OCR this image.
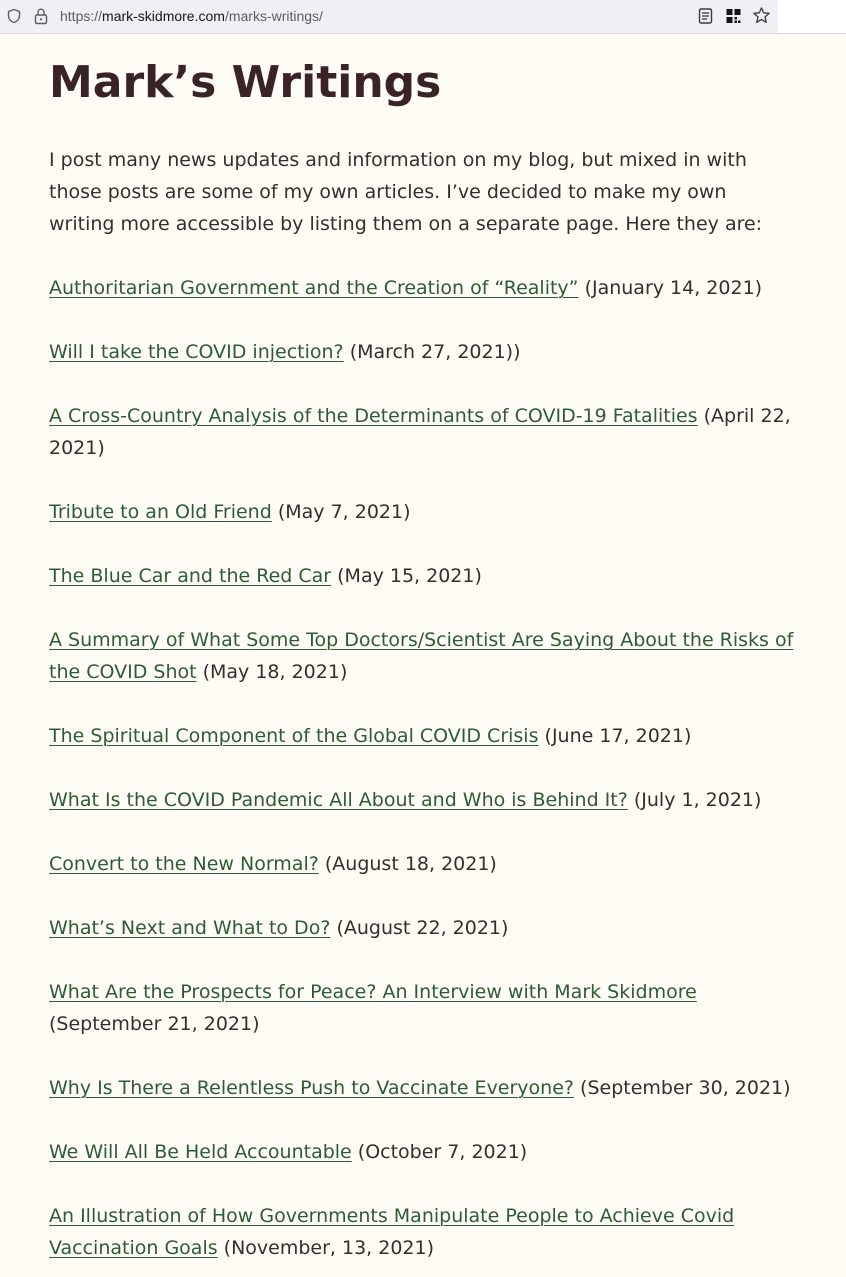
https://mark-skidmore.com/marks-writings/
Mark’s Writings

I post many news updates and information on my blog, but mixed in with those posts are some of my own articles. I’ve decided to make my own writing more accessible by listing them on a separate page. Here they are:

Authoritarian Government and the Creation of “Reality” (January 14, 2021)
Will I take the COVID injection? (March 27, 2021))
A Cross-Country Analysis of the Determinants of COVID-19 Fatalities (April 22, 2021)
Tribute to an Old Friend (May 7, 2021)
The Blue Car and the Red Car (May 15, 2021)
A Summary of What Some Top Doctors/Scientist Are Saying About the Risks of the COVID Shot (May 18, 2021)
The Spiritual Component of the Global COVID Crisis (June 17, 2021)
What Is the COVID Pandemic All About and Who is Behind It? (July 1, 2021)
Convert to the New Normal? (August 18, 2021)
What’s Next and What to Do? (August 22, 2021)
What Are the Prospects for Peace? An Interview with Mark Skidmore (September 21, 2021)
Why Is There a Relentless Push to Vaccinate Everyone? (September 30, 2021)
We Will All Be Held Accountable (October 7, 2021)
An Illustration of How Governments Manipulate People to Achieve Covid Vaccination Goals (November, 13, 2021)
